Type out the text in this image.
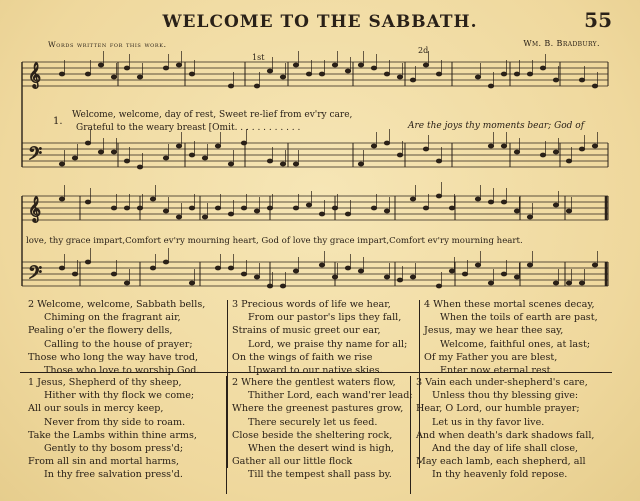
WELCOME TO THE SABBATH.	55
Words written for this work.	Wm. B. Bradbury.
𝄞
𝄢
𝄞
𝄢
1st
2d
1.
Welcome, welcome, day of rest, Sweet re-lief from ev'ry care,
Grateful to the weary breast [Omit. . . . . . . . . . . .	Are the joys thy moments bear; God of
love, thy grace impart,Comfort ev'ry mourning heart, God of love thy grace impart,Comfort ev'ry mourning heart.
2 Welcome, welcome, Sabbath bells,
Chiming on the fragrant air,
Pealing o'er the flowery dells,
Calling to the house of prayer;
Those who long the way have trod,
Those who love to worship God.
3 Precious words of life we hear,
From our pastor's lips they fall,
Strains of music greet our ear,
Lord, we praise thy name for all;
On the wings of faith we rise
Upward to our native skies.
4 When these mortal scenes decay,
When the toils of earth are past,
Jesus, may we hear thee say,
Welcome, faithful ones, at last;
Of my Father you are blest,
Enter now eternal rest.
1 Jesus, Shepherd of thy sheep,
Hither with thy flock we come;
All our souls in mercy keep,
Never from thy side to roam.
Take the Lambs within thine arms,
Gently to thy bosom press'd;
From all sin and mortal harms,
In thy free salvation press'd.
2 Where the gentlest waters flow,
Thither Lord, each wand'rer lead;
Where the greenest pastures grow,
There securely let us feed.
Close beside the sheltering rock,
When the desert wind is high,
Gather all our little flock
Till the tempest shall pass by.
3 Vain each under-shepherd's care,
Unless thou thy blessing give:
Hear, O Lord, our humble prayer;
Let us in thy favor live.
And when death's dark shadows fall,
And the day of life shall close,
May each lamb, each shepherd, all
In thy heavenly fold repose.
